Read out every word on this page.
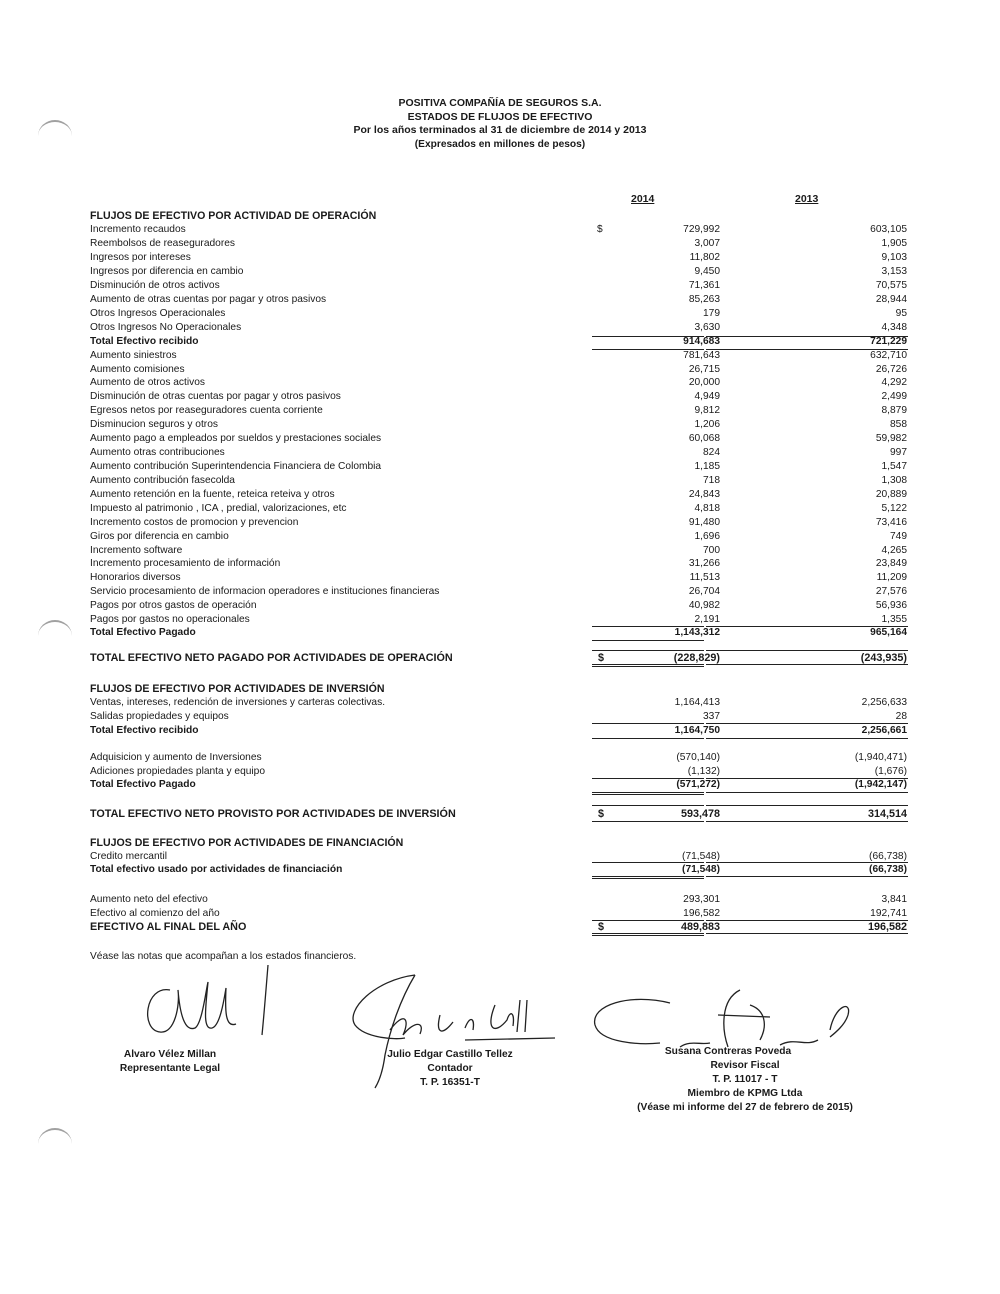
POSITIVA COMPAÑÍA DE SEGUROS S.A.
ESTADOS DE FLUJOS DE EFECTIVO
Por los años terminados al 31 de diciembre de 2014 y 2013
(Expresados en millones de pesos)
2014	2013
FLUJOS DE EFECTIVO POR ACTIVIDAD DE OPERACIÓN
Incremento recaudos	$	729,992	603,105
Reembolsos de reaseguradores	3,007	1,905
Ingresos por intereses	11,802	9,103
Ingresos por diferencia en cambio	9,450	3,153
Disminución de otros activos	71,361	70,575
Aumento de otras cuentas por pagar y otros pasivos	85,263	28,944
Otros Ingresos Operacionales	179	95
Otros Ingresos No Operacionales	3,630	4,348
Total Efectivo recibido	914,683	721,229
Aumento siniestros	781,643	632,710
Aumento comisiones	26,715	26,726
Aumento de otros activos	20,000	4,292
Disminución de otras cuentas por pagar y otros pasivos	4,949	2,499
Egresos netos por reaseguradores cuenta corriente	9,812	8,879
Disminucion seguros y otros	1,206	858
Aumento pago a empleados por sueldos y prestaciones sociales	60,068	59,982
Aumento otras contribuciones	824	997
Aumento contribución Superintendencia Financiera de Colombia	1,185	1,547
Aumento contribución fasecolda	718	1,308
Aumento retención en la fuente, reteica reteiva y otros	24,843	20,889
Impuesto al patrimonio , ICA , predial, valorizaciones, etc	4,818	5,122
Incremento costos de promocion y prevencion	91,480	73,416
Giros por diferencia en cambio	1,696	749
Incremento software	700	4,265
Incremento procesamiento de información	31,266	23,849
Honorarios diversos	11,513	11,209
Servicio procesamiento de informacion operadores e instituciones financieras	26,704	27,576
Pagos por otros gastos de operación	40,982	56,936
Pagos por gastos no operacionales	2,191	1,355
Total Efectivo Pagado	1,143,312	965,164
TOTAL EFECTIVO NETO PAGADO POR ACTIVIDADES DE OPERACIÓN	$	(228,829)	(243,935)
FLUJOS DE EFECTIVO POR ACTIVIDADES DE INVERSIÓN
Ventas, intereses, redención de inversiones y carteras colectivas.	1,164,413	2,256,633
Salidas propiedades y equipos	337	28
Total Efectivo recibido	1,164,750	2,256,661
Adquisicion y aumento de Inversiones	(570,140)	(1,940,471)
Adiciones propiedades planta y equipo	(1,132)	(1,676)
Total Efectivo Pagado	(571,272)	(1,942,147)
TOTAL EFECTIVO NETO PROVISTO POR ACTIVIDADES DE INVERSIÓN	$	593,478	314,514
FLUJOS DE EFECTIVO POR ACTIVIDADES DE FINANCIACIÓN
Credito mercantil	(71,548)	(66,738)
Total efectivo usado por actividades de financiación	(71,548)	(66,738)
Aumento neto del efectivo	293,301	3,841
Efectivo al comienzo del año	196,582	192,741
EFECTIVO AL FINAL DEL AÑO	$	489,883	196,582
Véase las notas que acompañan a los estados financieros.
Alvaro Vélez Millan
Representante Legal
Julio Edgar Castillo Tellez
Contador
T. P. 16351-T
Susana Contreras Poveda
Revisor Fiscal
T. P. 11017 - T
Miembro de KPMG Ltda
(Véase mi informe del 27 de febrero de 2015)
